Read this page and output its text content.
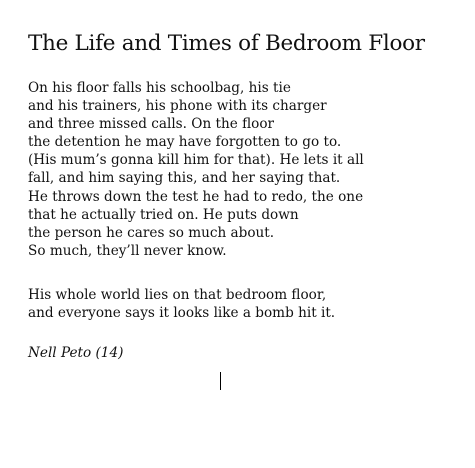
The Life and Times of Bedroom Floor
On his floor falls his schoolbag, his tie
and his trainers, his phone with its charger
and three missed calls. On the floor
the detention he may have forgotten to go to.
(His mum’s gonna kill him for that). He lets it all
fall, and him saying this, and her saying that.
He throws down the test he had to redo, the one
that he actually tried on. He puts down
the person he cares so much about.
So much, they’ll never know.
His whole world lies on that bedroom floor,
and everyone says it looks like a bomb hit it.
Nell Peto (14)
